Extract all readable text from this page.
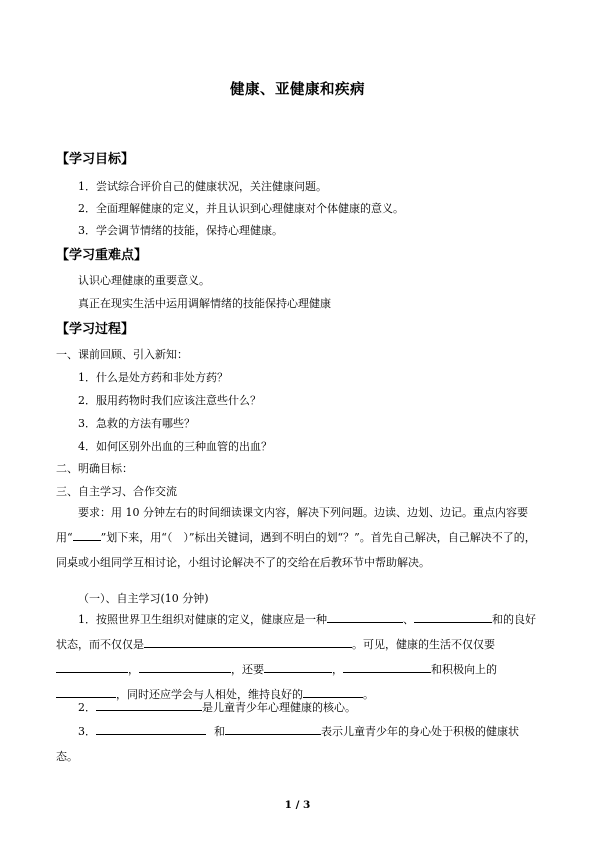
健康、亚健康和疾病
【学习目标】
1．尝试综合评价自己的健康状况，关注健康问题。
2．全面理解健康的定义，并且认识到心理健康对个体健康的意义。
3．学会调节情绪的技能，保持心理健康。
【学习重难点】
认识心理健康的重要意义。
真正在现实生活中运用调解情绪的技能保持心理健康
【学习过程】
一、课前回顾、引入新知：
1．什么是处方药和非处方药？
2．服用药物时我们应该注意些什么？
3．急救的方法有哪些？
4．如何区别外出血的三种血管的出血？
二、明确目标：
三、自主学习、合作交流
要求：用 10 分钟左右的时间细读课文内容，解决下列问题。边读、边划、边记。重点内容要用“	”划下来，用“（　）”标出关键词，遇到不明白的划“？”。首先自己解决，自己解决不了的，同桌或小组同学互相讨论，小组讨论解决不了的交给在后教环节中帮助解决。
（一）、自主学习(10 分钟)
1．按照世界卫生组织对健康的定义，健康应是一种	、	和的良好状态，而不仅仅是	。可见，健康的生活不仅仅要，	，还要	，	和积极向上的，同时还应学会与人相处，维持良好的	。
2．	是儿童青少年心理健康的核心。
3．	和	表示儿童青少年的身心处于积极的健康状态。
1 / 3
